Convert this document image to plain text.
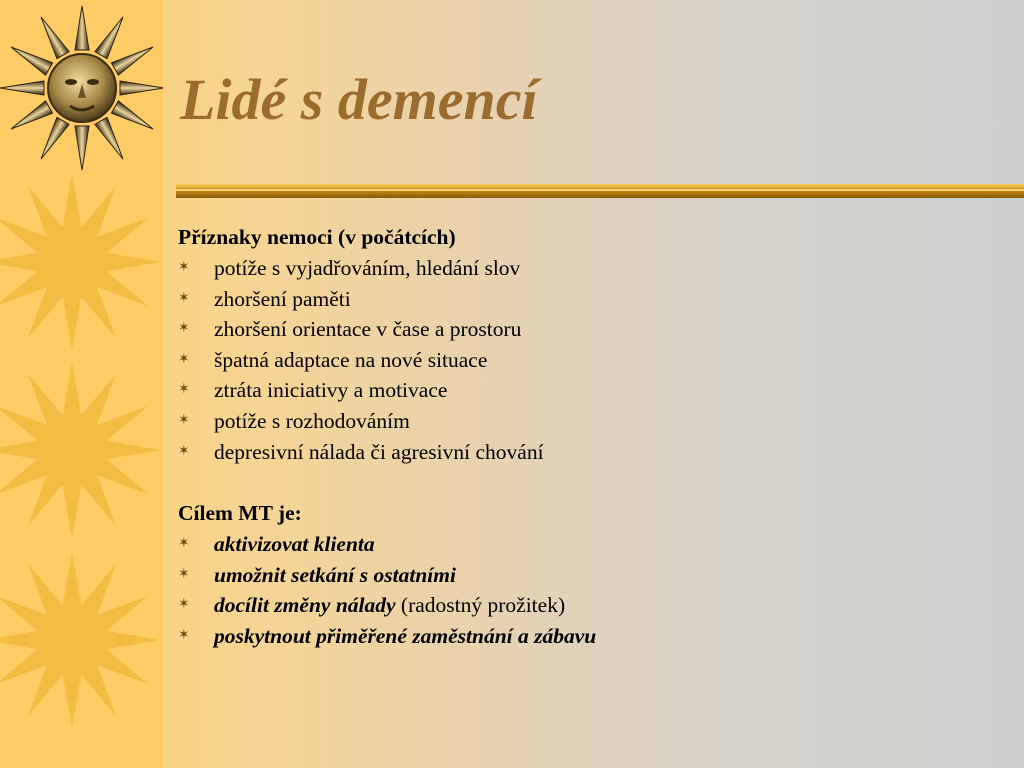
Lidé s demencí

Příznaky nemoci (v počátcích)

✶ potíže s vyjadřováním, hledání slov
✶ zhoršení paměti
✶ zhoršení orientace v čase a prostoru
✶ špatná adaptace na nové situace
✶ ztráta iniciativy a motivace
✶ potíže s rozhodováním
✶ depresivní nálada či agresivní chování

Cílem MT je:

✶ aktivizovat klienta
✶ umožnit setkání s ostatními
✶ docílit změny nálady (radostný prožitek)
✶ poskytnout přiměřené zaměstnání a zábavu
